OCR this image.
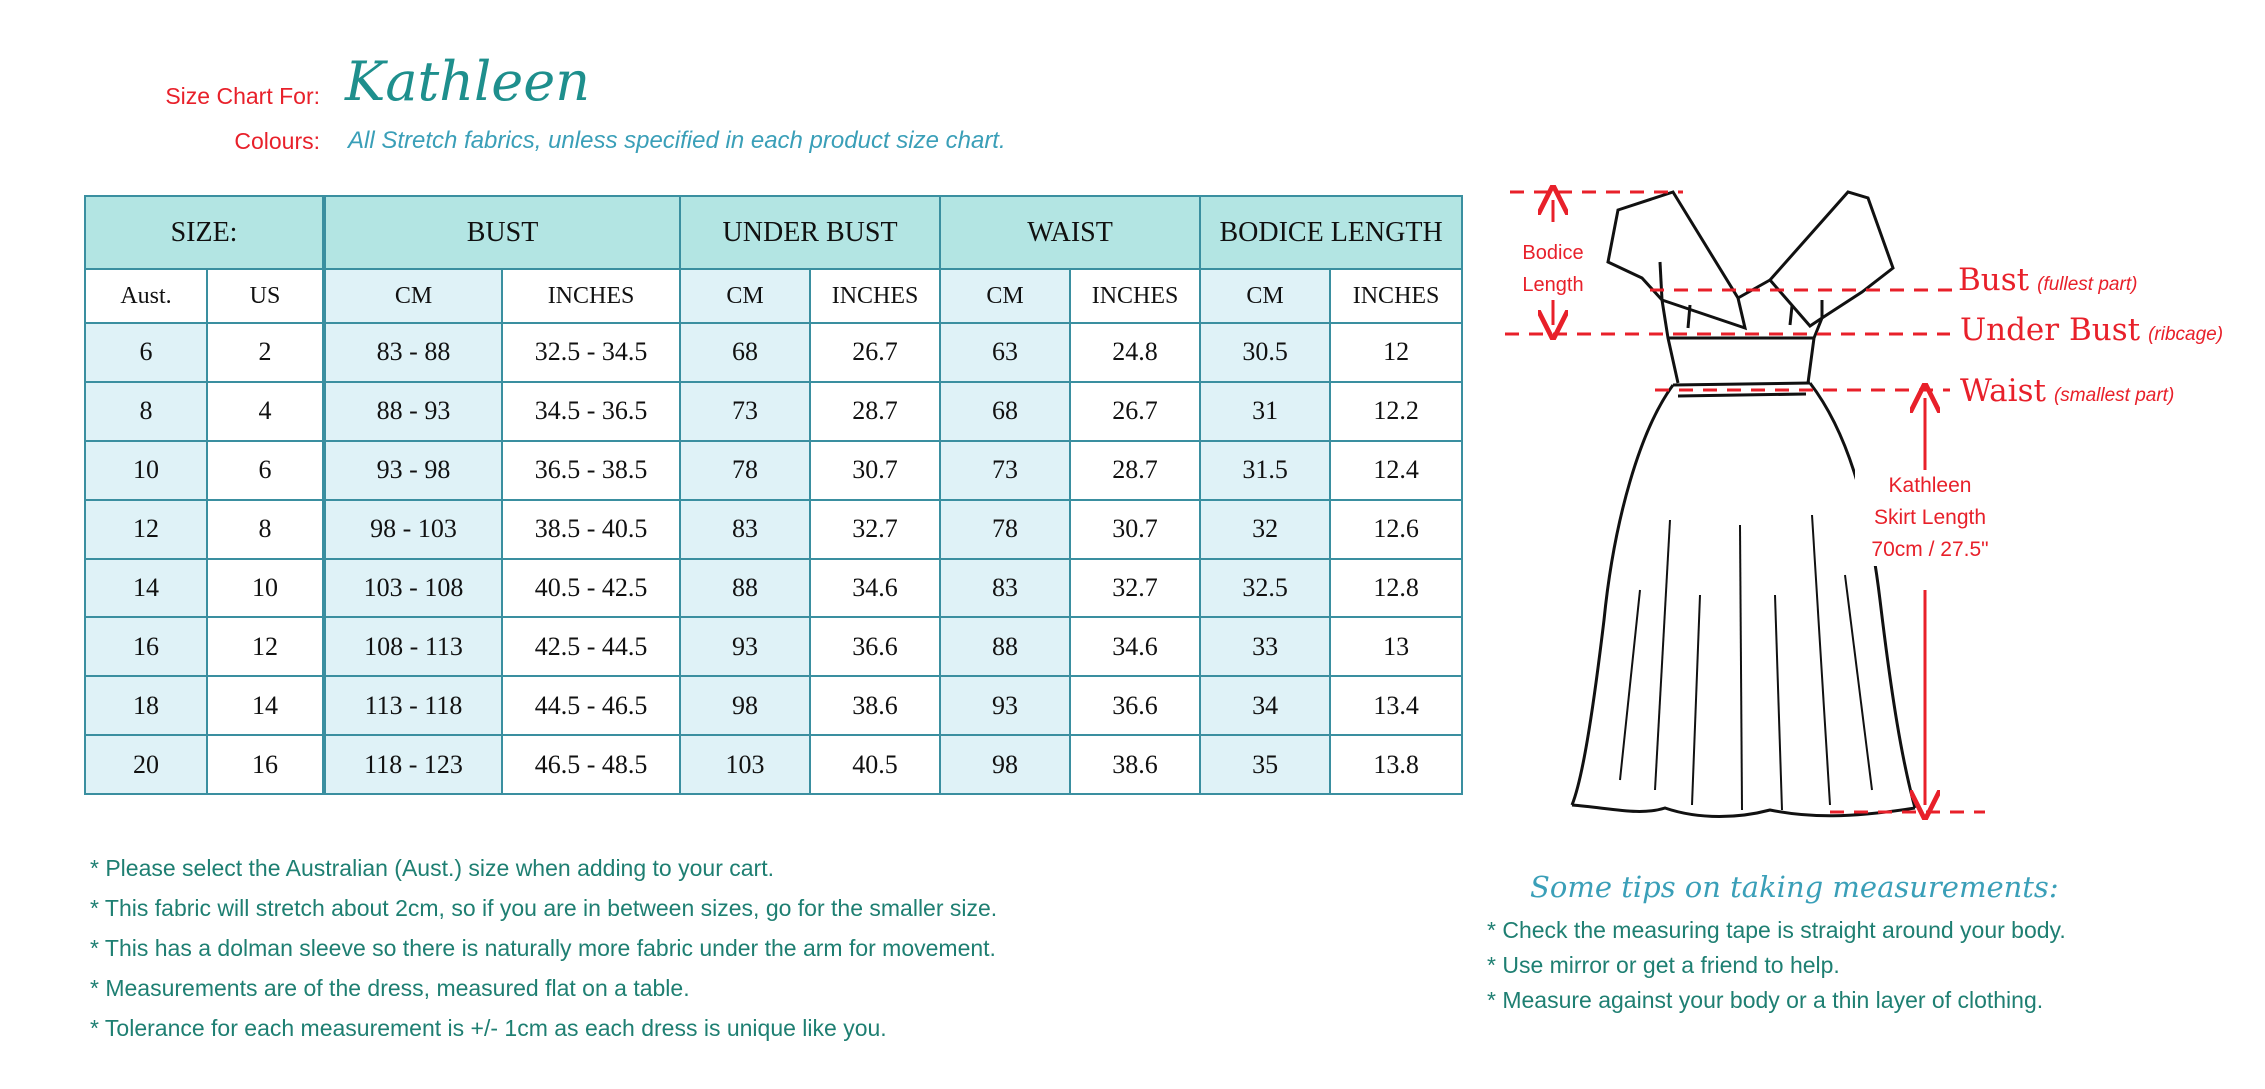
Size Chart For: Kathleen
Colours: All Stretch fabrics, unless specified in each product size chart.
SIZE:		BUST		UNDER BUST		WAIST		BODICE LENGTH	
Aust.	US	CM	INCHES	CM	INCHES	CM	INCHES	CM	INCHES
6	2	83 - 88	32.5 - 34.5	68	26.7	63	24.8	30.5	12
8	4	88 - 93	34.5 - 36.5	73	28.7	68	26.7	31	12.2
10	6	93 - 98	36.5 - 38.5	78	30.7	73	28.7	31.5	12.4
12	8	98 - 103	38.5 - 40.5	83	32.7	78	30.7	32	12.6
14	10	103 - 108	40.5 - 42.5	88	34.6	83	32.7	32.5	12.8
16	12	108 - 113	42.5 - 44.5	93	36.6	88	34.6	33	13
18	14	113 - 118	44.5 - 46.5	98	38.6	93	36.6	34	13.4
20	16	118 - 123	46.5 - 48.5	103	40.5	98	38.6	35	13.8
* Please select the Australian (Aust.) size when adding to your cart.
* This fabric will stretch about 2cm, so if you are in between sizes, go for the smaller size.
* This has a dolman sleeve so there is naturally more fabric under the arm for movement.
* Measurements are of the dress, measured flat on a table.
* Tolerance for each measurement is +/- 1cm as each dress is unique like you.
Some tips on taking measurements:
* Check the measuring tape is straight around your body.
* Use mirror or get a friend to help.
* Measure against your body or a thin layer of clothing.
Bodice
Length	Bust (fullest part)
Under Bust (ribcage)
Waist (smallest part)
Kathleen
Skirt Length
70cm / 27.5"
